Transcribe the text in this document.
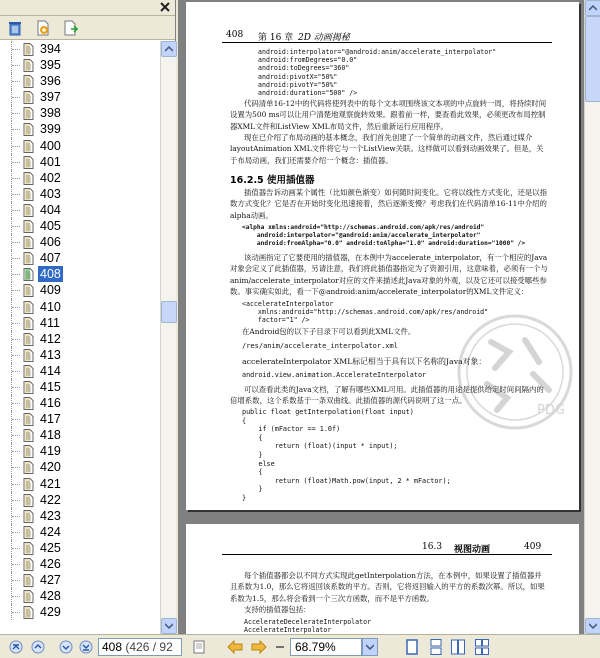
394
395
396
397
398
399
400
401
402
403
404
405
406
407
408
409
410
411
412
413
414
415
416
417
418
419
420
421
422
423
424
425
426
427
428
429
408 第 16 章 2D 动画揭秘
android:interpolator="@android:anim/accelerate_interpolator"
android:fromDegrees="0.0"
android:toDegrees="360"
android:pivotX="50%"
android:pivotY="50%"
android:duration="500" />
代码清单16-12中的代码将使列表中的每个文本项围绕该文本项的中点旋转一周，将持续时间设置为500 ms可以让用户清楚地观察旋转效果。跟着前一样，要查看此效果，必须更改布局控制器XML文件和ListView XML布局文件，然后重新运行应用程序。
现在已介绍了布局动画的基本概念，我们首先创建了一个简单的动画文件，然后通过媒介layoutAnimation XML文件将它与一个ListView关联。这样做可以看到动画效果了。但是，关于布局动画，我们还需要介绍一个概念：插值器。
16.2.5 使用插值器
插值器告诉动画某个属性（比如颜色渐变）如何随时间变化。它将以线性方式变化，还是以指数方式变化？它是否在开始时变化迅速接着，然后逐渐变慢？考虑我们在代码清单16-11中介绍的alpha动画。
<alpha xmlns:android="http://schemas.android.com/apk/res/android"
android:interpolator="@android:anim/accelerate_interpolator"
android:fromAlpha="0.0" android:toAlpha="1.0" android:duration="1000" />
该动画指定了它要使用的插值器，在本例中为accelerate_interpolator，有一个相应的Java对象会定义了此插值器，另请注意，我们将此插值器指定为了资源引用，这意味着，必须有一个与anim/accelerate_interpolator对应的文件来描述此Java对象的外观，以及它还可以接受哪些参数。事实确实如此，看一下@android:anim/accelerate_interpolator的XML文件定义：
<accelerateInterpolator
xmlns:android="http://schemas.android.com/apk/res/android"
factor="1" />
在Android包的以下子目录下可以看到此XML文件。
/res/anim/accelerate_interpolator.xml
accelerateInterpolator XML标记相当于具有以下名称的Java对象：
android.view.animation.AccelerateInterpolator
可以查看此类的Java文档，了解有哪些XML可用。此插值器的用途是提供给定时间间隔内的倍增系数，这个系数基于一条双曲线。此插值器的源代码说明了这一点。
public float getInterpolation(float input)
{
if (mFactor == 1.0f)
{
return (float)(input * input);
}
else
{
return (float)Math.pow(input, 2 * mFactor);
}
}
PDG
16.3 视图动画	409
每个插值器都会以不同方式实现此getInterpolation方法，在本例中，如果设置了插值器并且系数为1.0，那么它将返回该系数的平方。否则，它将返回输入的平方的系数次幂。所以，如果系数为1.5，那么将会看到一个三次方函数，而不是平方函数。
支持的插值器包括：
AccelerateDecelerateInterpolator
AccelerateInterpolator
408 (426 / 92	68.79%
